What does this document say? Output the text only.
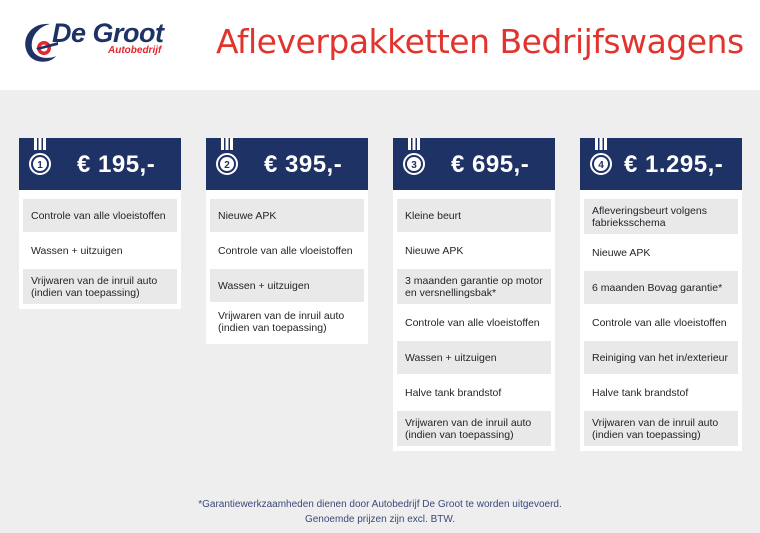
De Groot
Autobedrijf Afleverpakketten Bedrijfswagens
1 € 195,-
Controle van alle vloeistoffen
Wassen + uitzuigen
Vrijwaren van de inruil auto (indien van toepassing)
2 € 395,-
Nieuwe APK
Controle van alle vloeistoffen
Wassen + uitzuigen
Vrijwaren van de inruil auto (indien van toepassing)
3 € 695,-
Kleine beurt
Nieuwe APK
3 maanden garantie op motor en versnellingsbak*
Controle van alle vloeistoffen
Wassen + uitzuigen
Halve tank brandstof
Vrijwaren van de inruil auto (indien van toepassing)
4 € 1.295,-
Afleveringsbeurt volgens fabrieksschema
Nieuwe APK
6 maanden Bovag garantie*
Controle van alle vloeistoffen
Reiniging van het in/exterieur
Halve tank brandstof
Vrijwaren van de inruil auto (indien van toepassing)
*Garantiewerkzaamheden dienen door Autobedrijf De Groot te worden uitgevoerd.
Genoemde prijzen zijn excl. BTW.
